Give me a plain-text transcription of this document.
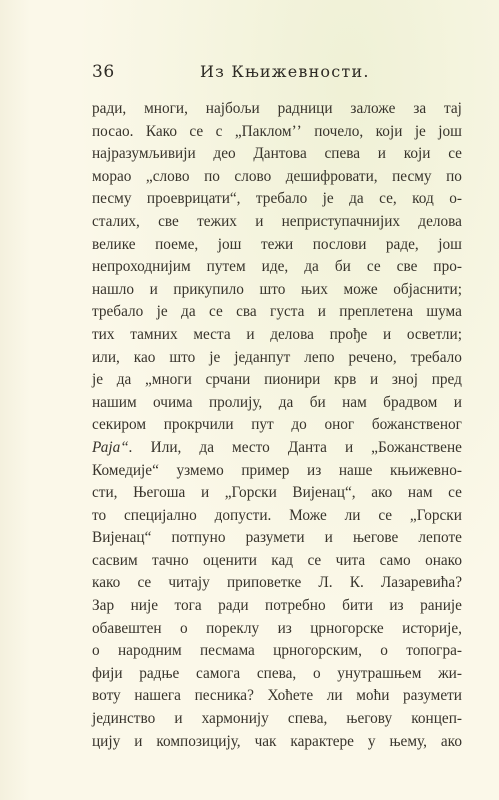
36	Из Књижевности.
ради, многи, најбољи радници заложе за тај
посао. Како се с „Пакломʼʼ почело, који је још
најразумљивији део Дантова спева и који се
морао „слово по слово дешифровати, песму по
песму проеврицати“, требало је да се, код о-
сталих, све тежих и неприступачнијих делова
велике поеме, још тежи послови раде, још
непроходнијим путем иде, да би се све про-
нашло и прикупило што њих може објаснити;
требало је да се сва густа и преплетена шума
тих тамних места и делова прође и осветли;
или, као што је једанпут лепо речено, требало
је да „многи срчани пионири крв и зној пред
нашим очима пролију, да би нам брадвом и
секиром прокрчили пут до оног божанственог
Раја“. Или, да место Данта и „Божанствене
Комедије“ узмемо пример из наше књижевно-
сти, Његоша и „Горски Вијенац“, ако нам се
то специјално допусти. Може ли се „Горски
Вијенац“ потпуно разумети и његове лепоте
сасвим тачно оценити кад се чита само онако
како се читају приповетке Л. К. Лазаревића?
Зар није тога ради потребно бити из раније
обавештен о пореклу из црногорске историје,
о народним песмама црногорским, о топогра-
фији радње самога спева, о унутрашњем жи-
воту нашега песника? Хоћете ли моћи разумети
јединство и хармонију спева, његову концеп-
цију и композицију, чак карактере у њему, ако
